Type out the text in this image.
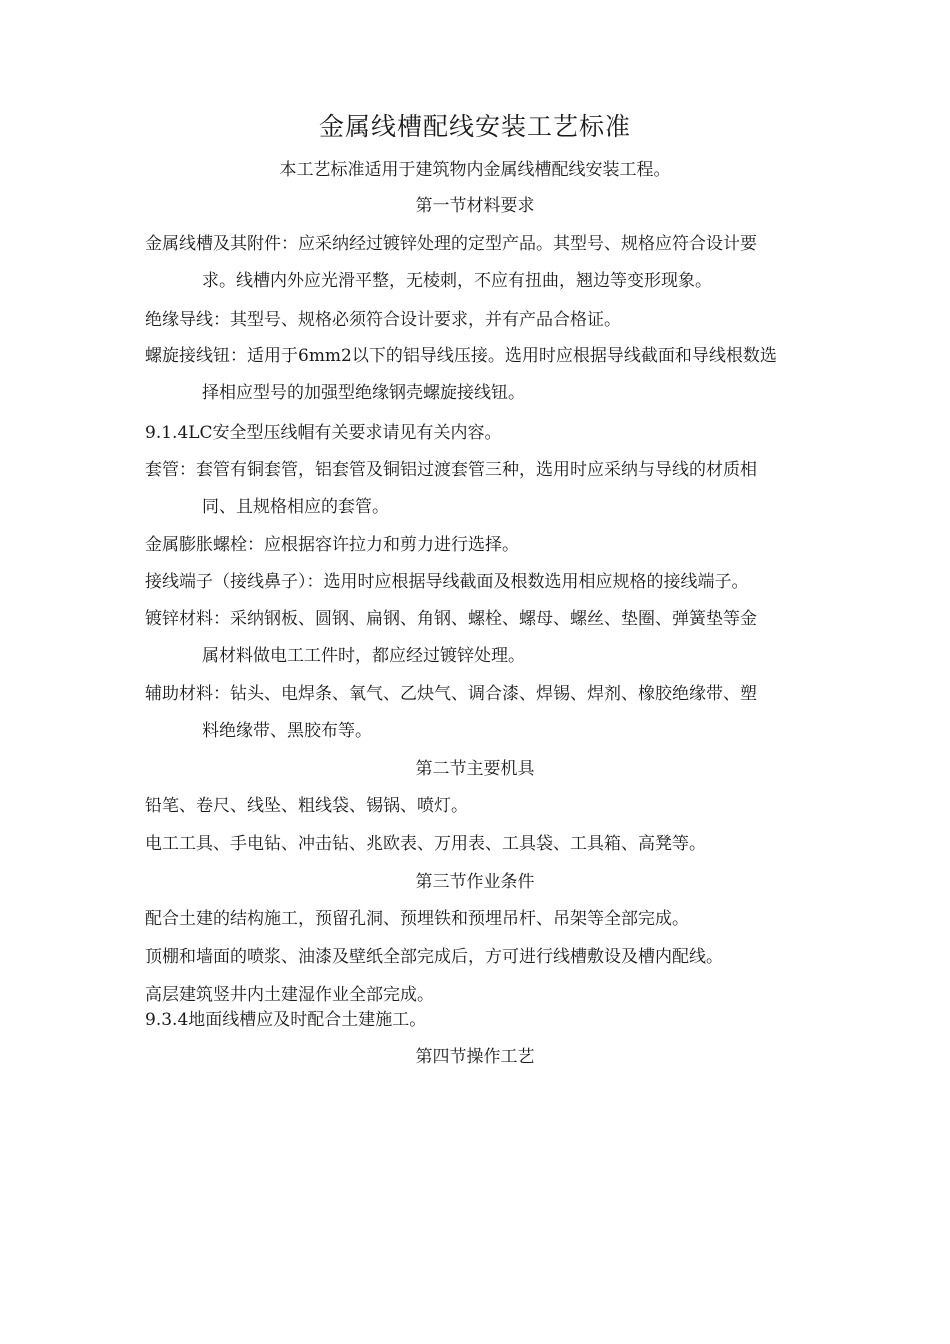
金属线槽配线安装工艺标准
本工艺标准适用于建筑物内金属线槽配线安装工程。
第一节材料要求
金属线槽及其附件：应采纳经过镀锌处理的定型产品。其型号、规格应符合设计要
求。线槽内外应光滑平整，无棱刺，不应有扭曲，翘边等变形现象。
绝缘导线：其型号、规格必须符合设计要求，并有产品合格证。
螺旋接线钮：适用于6mm2以下的铝导线压接。选用时应根据导线截面和导线根数选
择相应型号的加强型绝缘钢壳螺旋接线钮。
9.1.4LC安全型压线帽有关要求请见有关内容。
套管：套管有铜套管，铝套管及铜铝过渡套管三种，选用时应采纳与导线的材质相
同、且规格相应的套管。
金属膨胀螺栓：应根据容许拉力和剪力进行选择。
接线端子（接线鼻子）：选用时应根据导线截面及根数选用相应规格的接线端子。
镀锌材料：采纳钢板、圆钢、扁钢、角钢、螺栓、螺母、螺丝、垫圈、弹簧垫等金
属材料做电工工件时，都应经过镀锌处理。
辅助材料：钻头、电焊条、氧气、乙炔气、调合漆、焊锡、焊剂、橡胶绝缘带、塑
料绝缘带、黑胶布等。
第二节主要机具
铅笔、卷尺、线坠、粗线袋、锡锅、喷灯。
电工工具、手电钻、冲击钻、兆欧表、万用表、工具袋、工具箱、高凳等。
第三节作业条件
配合土建的结构施工，预留孔洞、预埋铁和预埋吊杆、吊架等全部完成。
顶棚和墙面的喷浆、油漆及壁纸全部完成后，方可进行线槽敷设及槽内配线。
高层建筑竖井内土建湿作业全部完成。
9.3.4地面线槽应及时配合土建施工。
第四节操作工艺
